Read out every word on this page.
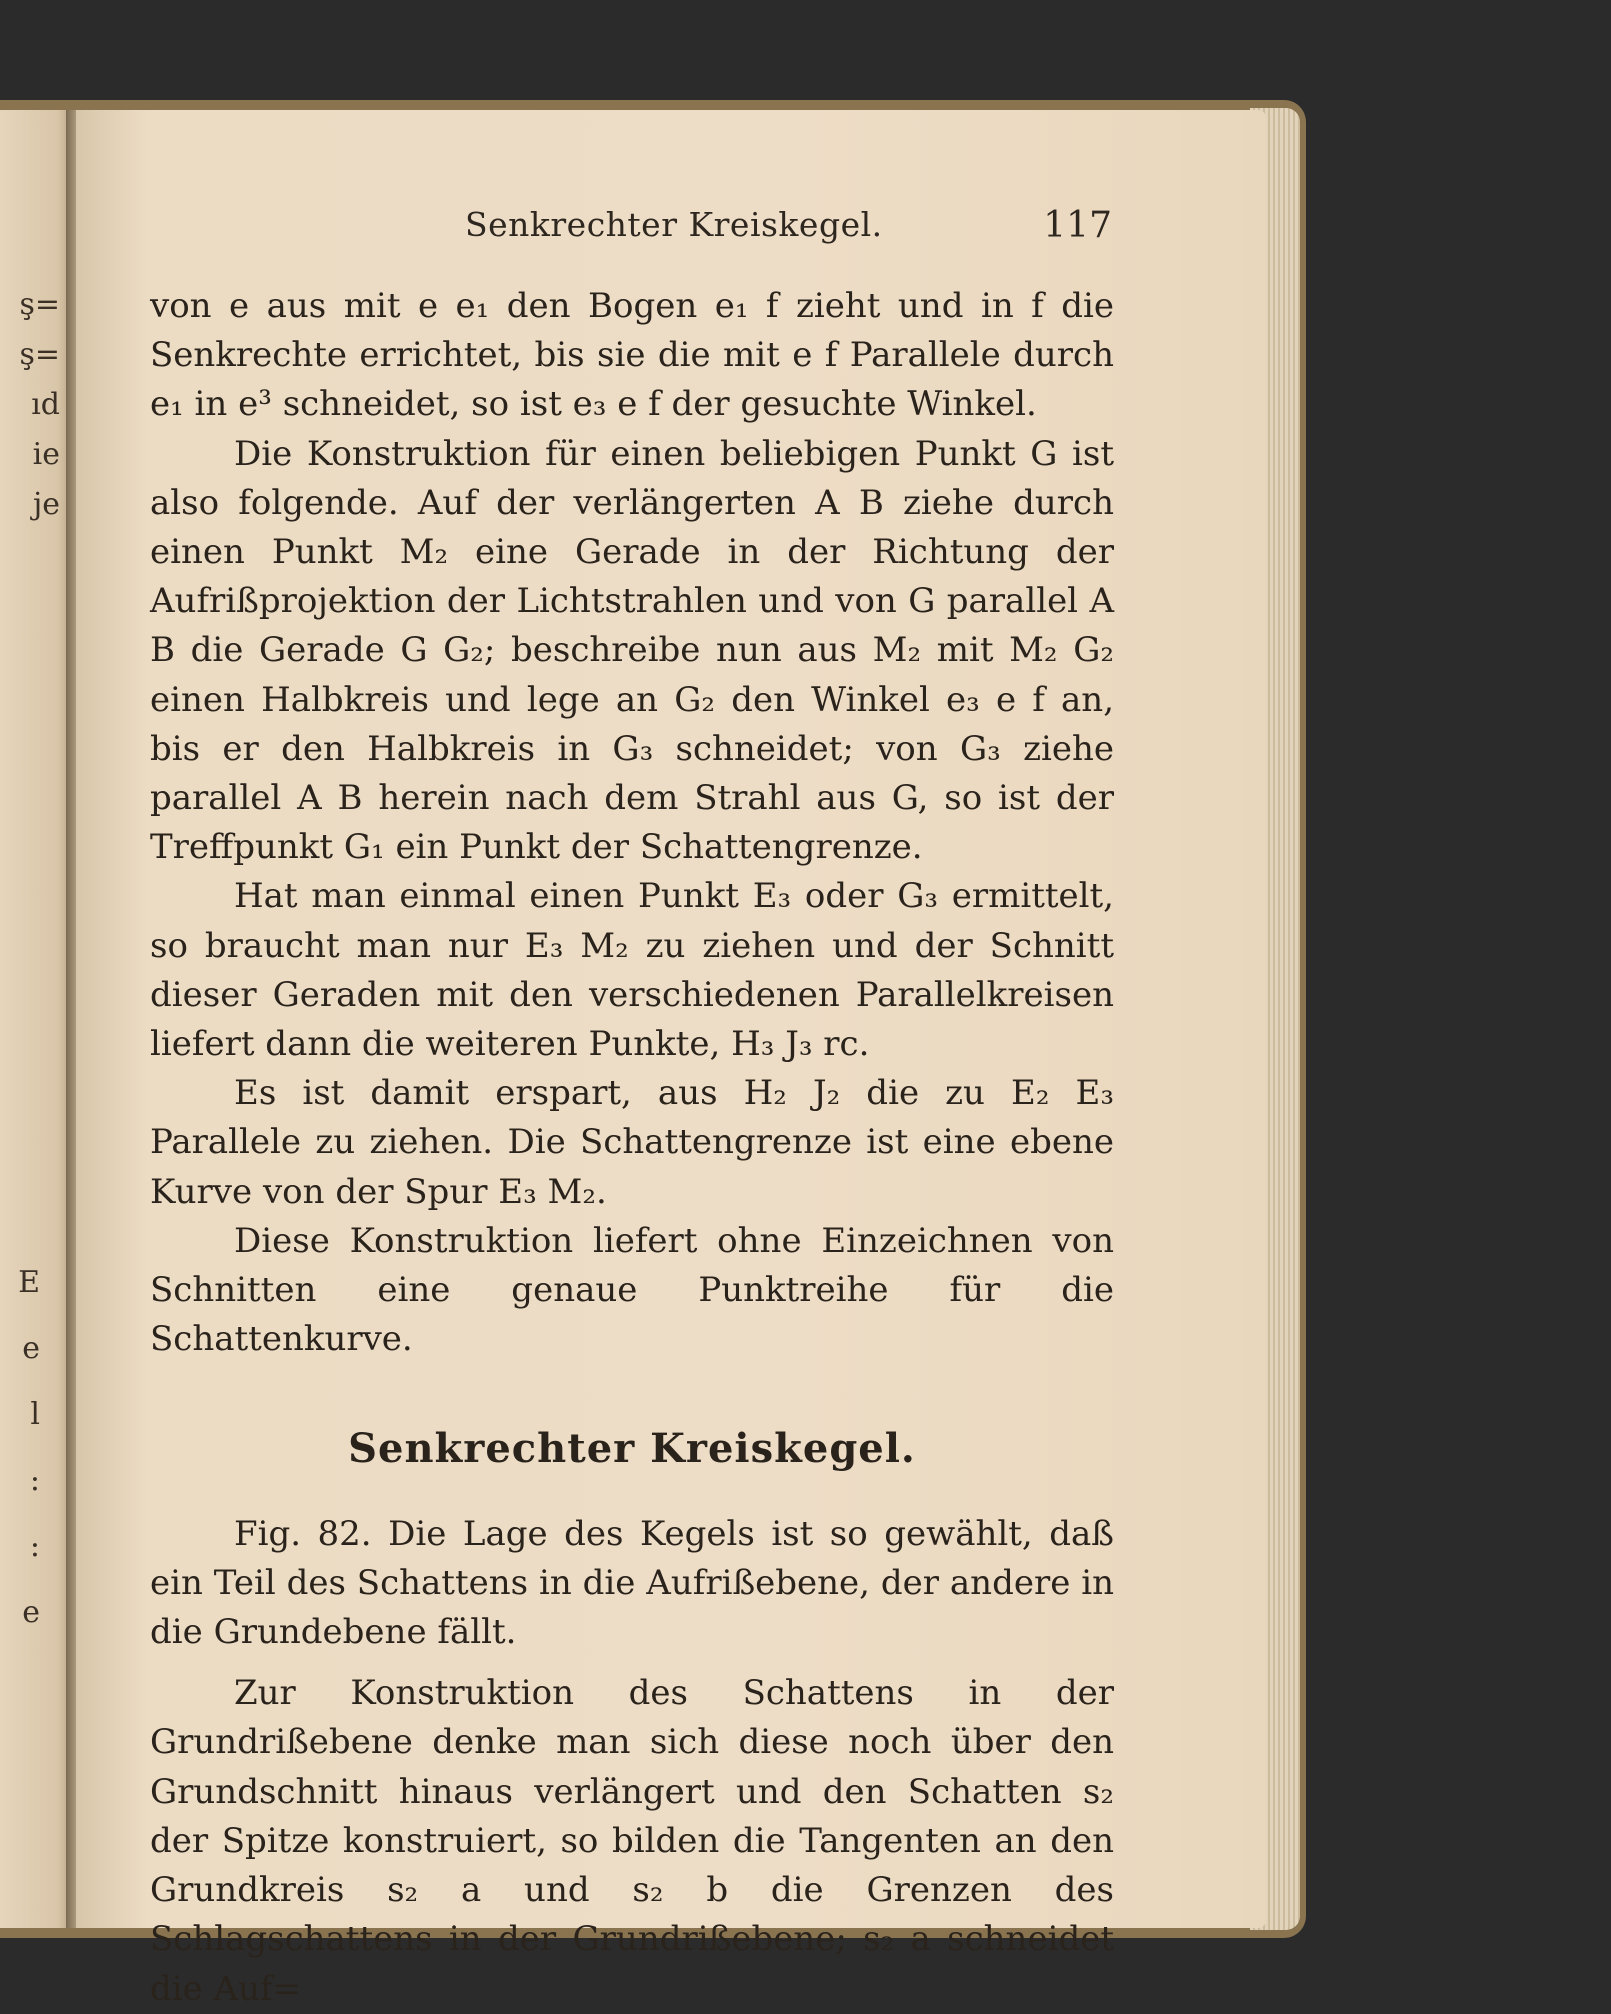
ş=
ş=
ıd
ie
je
E
e
l
:
:
e
Senkrechter Kreiskegel.	117

von e aus mit e e₁ den Bogen e₁ f zieht und in f die Senkrechte errichtet, bis sie die mit e f Parallele durch e₁ in e³ schneidet, so ist e₃ e f der gesuchte Winkel.

Die Konstruktion für einen beliebigen Punkt G ist also folgende. Auf der verlängerten A B ziehe durch einen Punkt M₂ eine Gerade in der Richtung der Aufrißprojektion der Lichtstrahlen und von G parallel A B die Gerade G G₂; beschreibe nun aus M₂ mit M₂ G₂ einen Halbkreis und lege an G₂ den Winkel e₃ e f an, bis er den Halbkreis in G₃ schneidet; von G₃ ziehe parallel A B herein nach dem Strahl aus G, so ist der Treffpunkt G₁ ein Punkt der Schattengrenze.

Hat man einmal einen Punkt E₃ oder G₃ ermittelt, so braucht man nur E₃ M₂ zu ziehen und der Schnitt dieser Geraden mit den verschiedenen Parallelkreisen liefert dann die weiteren Punkte, H₃ J₃ rc.

Es ist damit erspart, aus H₂ J₂ die zu E₂ E₃ Parallele zu ziehen. Die Schattengrenze ist eine ebene Kurve von der Spur E₃ M₂.

Diese Konstruktion liefert ohne Einzeichnen von Schnitten eine genaue Punktreihe für die Schattenkurve.

Senkrechter Kreiskegel.

Fig. 82. Die Lage des Kegels ist so gewählt, daß ein Teil des Schattens in die Aufrißebene, der andere in die Grundebene fällt.

Zur Konstruktion des Schattens in der Grundrißebene denke man sich diese noch über den Grundschnitt hinaus verlängert und den Schatten s₂ der Spitze konstruiert, so bilden die Tangenten an den Grundkreis s₂ a und s₂ b die Grenzen des Schlagschattens in der Grundrißebene; s₂ a schneidet die Auf=
